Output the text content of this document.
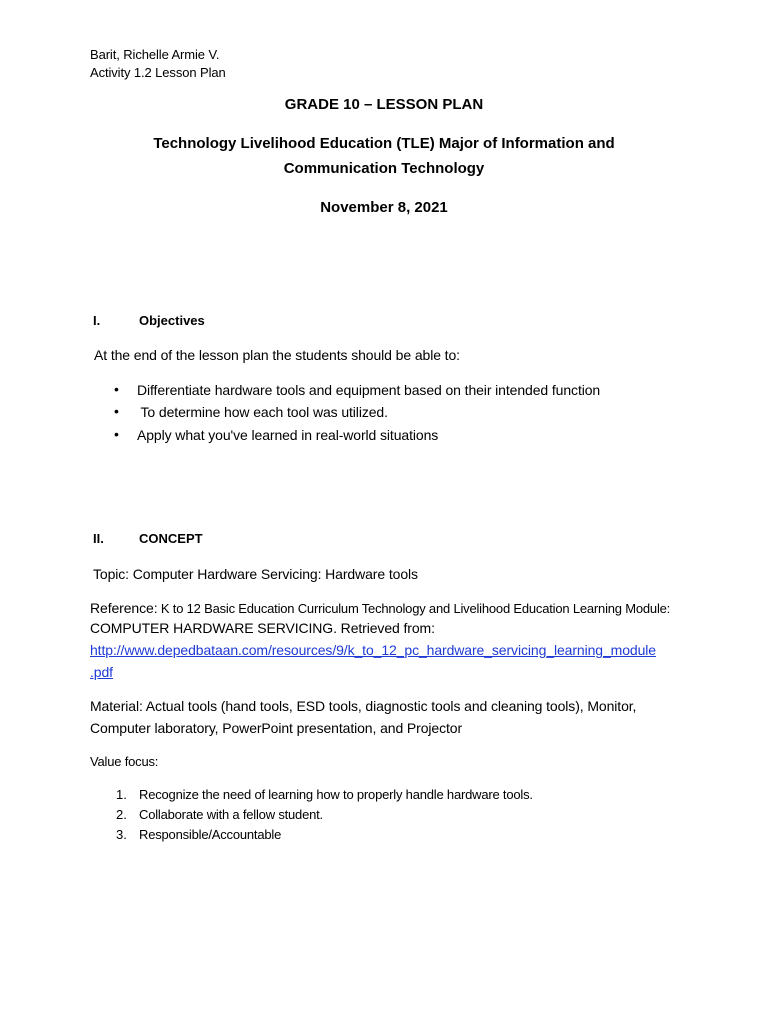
Barit, Richelle Armie V.
Activity 1.2 Lesson Plan
GRADE 10 – LESSON PLAN
Technology Livelihood Education (TLE) Major of Information and
Communication Technology
November 8, 2021
I.	Objectives
At the end of the lesson plan the students should be able to:
• Differentiate hardware tools and equipment based on their intended function
• To determine how each tool was utilized.
• Apply what you've learned in real-world situations
II.	CONCEPT
Topic: Computer Hardware Servicing: Hardware tools
Reference: K to 12 Basic Education Curriculum Technology and Livelihood Education Learning Module:
COMPUTER HARDWARE SERVICING. Retrieved from:
http://www.depedbataan.com/resources/9/k_to_12_pc_hardware_servicing_learning_module
.pdf
Material: Actual tools (hand tools, ESD tools, diagnostic tools and cleaning tools), Monitor,
Computer laboratory, PowerPoint presentation, and Projector
Value focus:
1. Recognize the need of learning how to properly handle hardware tools.
2. Collaborate with a fellow student.
3. Responsible/Accountable
